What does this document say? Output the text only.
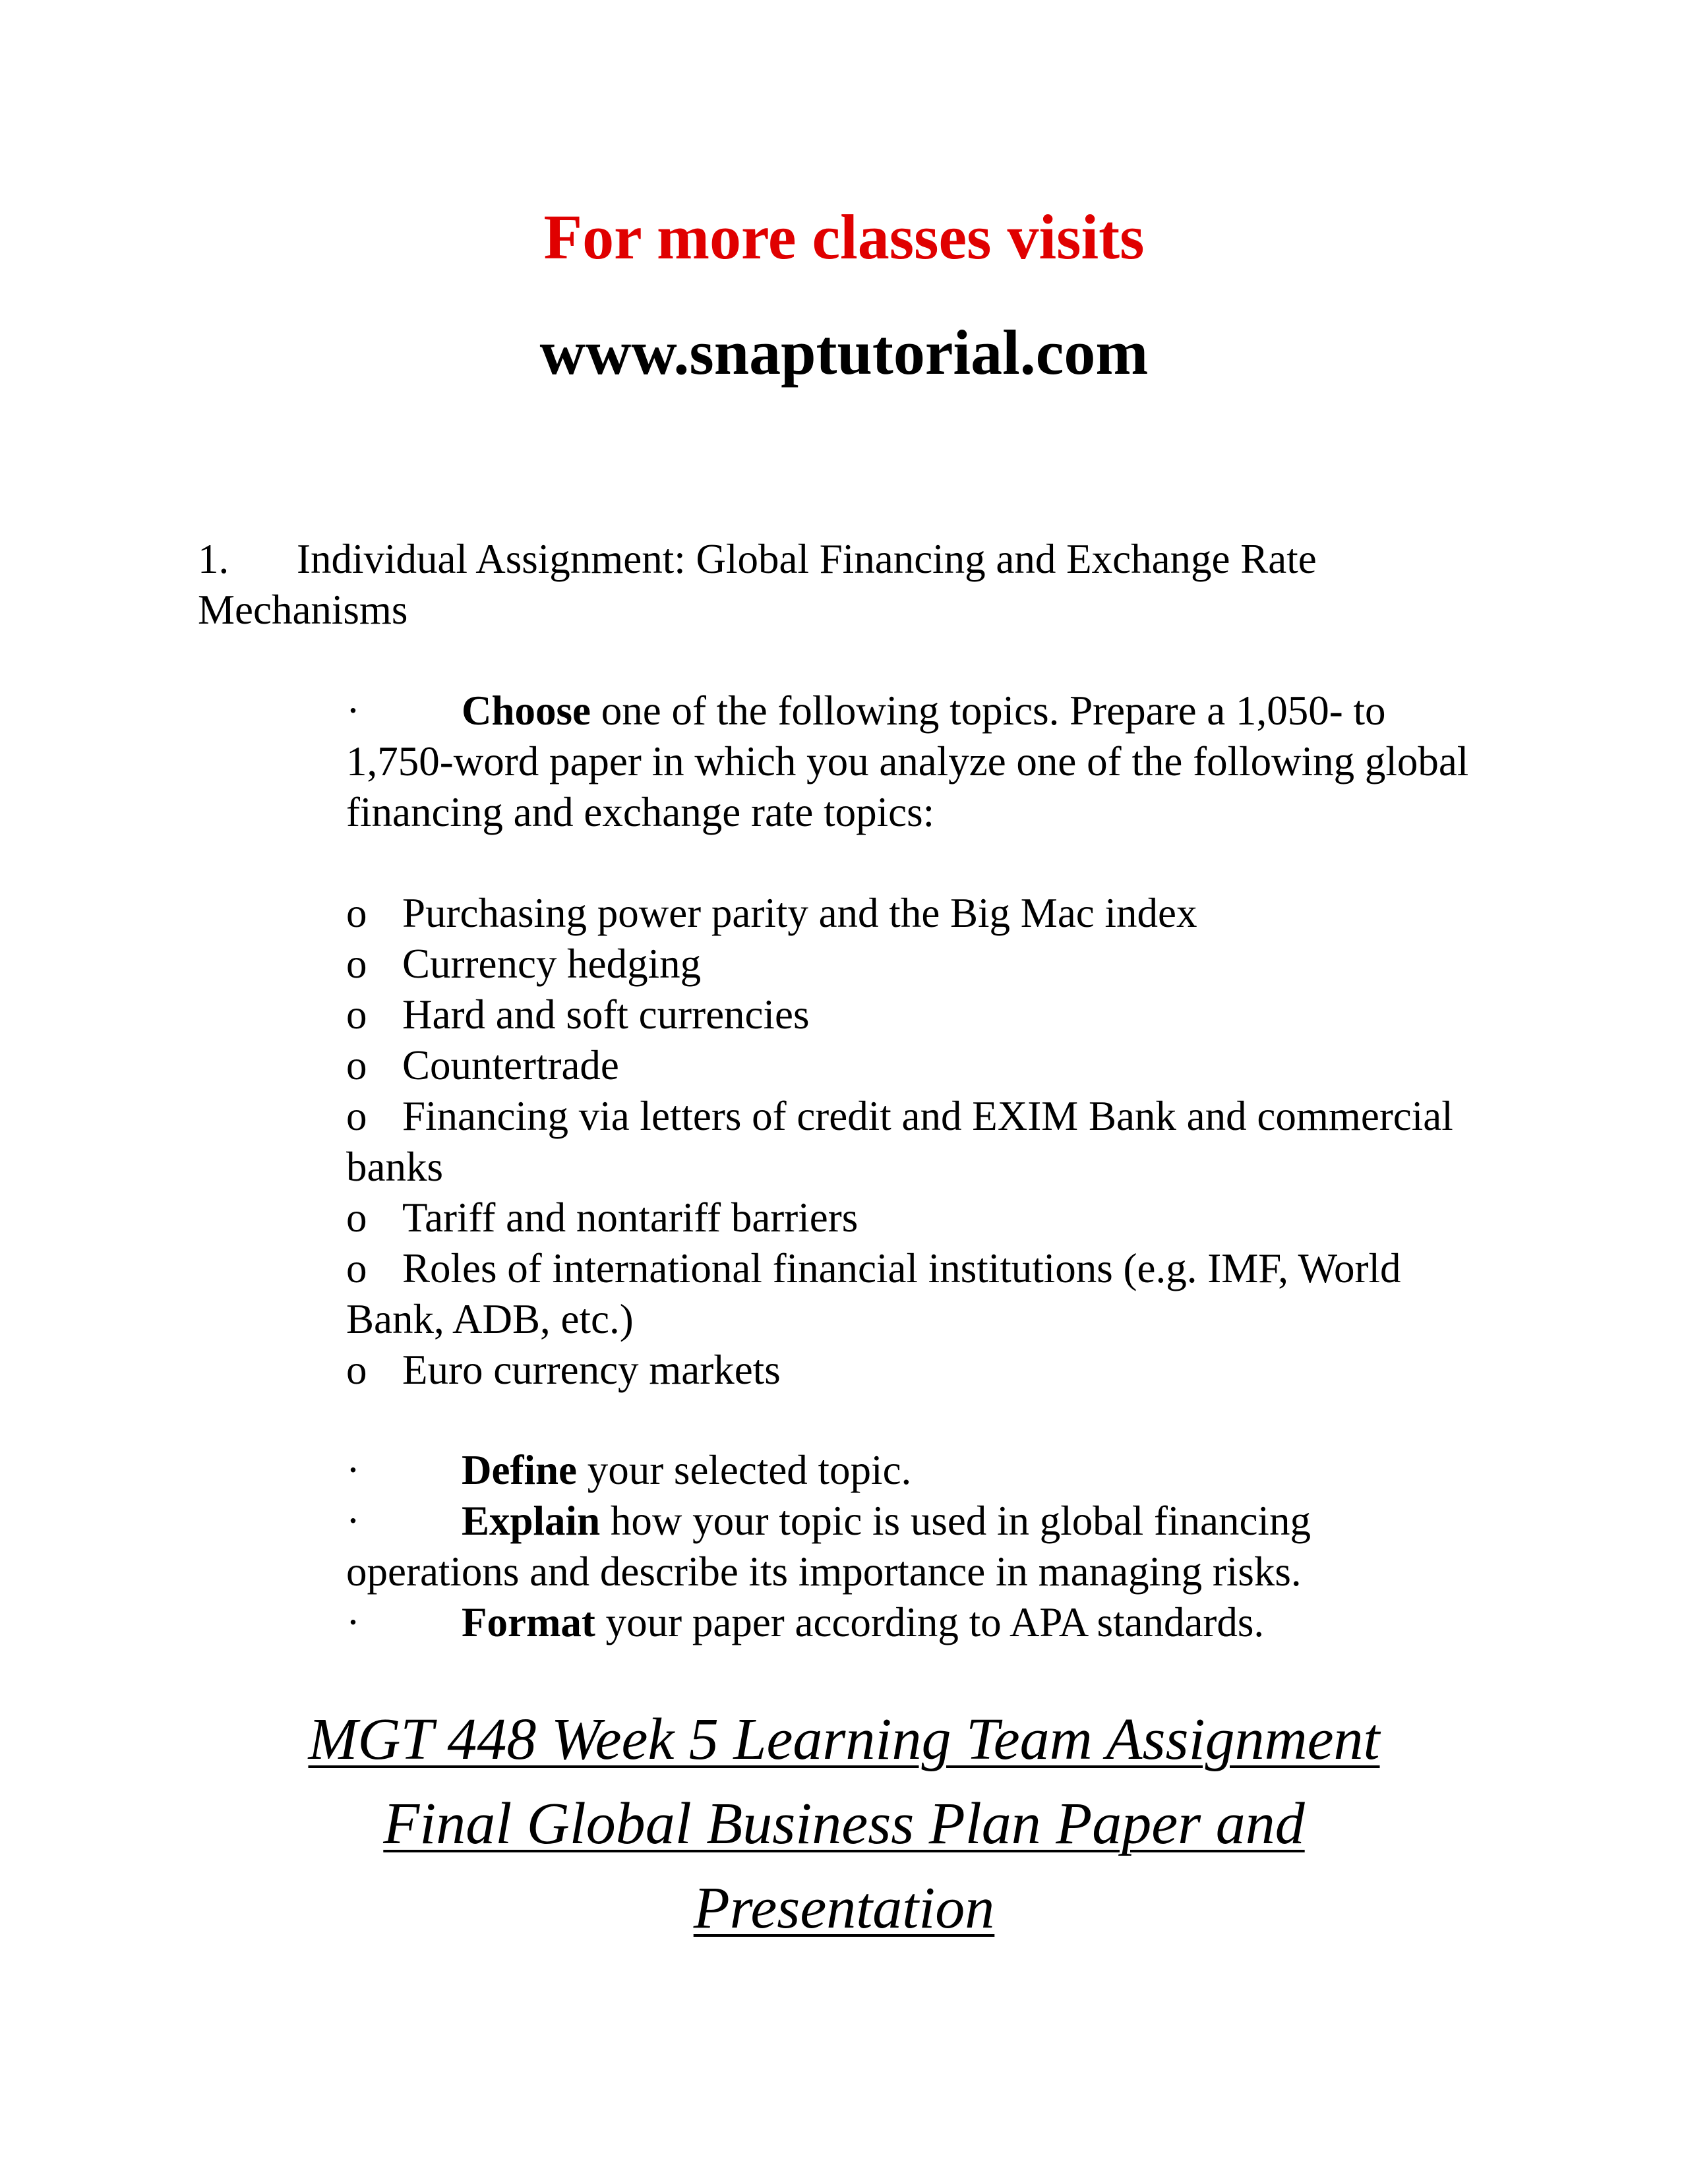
For more classes visits
www.snaptutorial.com
1. Individual Assignment: Global Financing and Exchange Rate
Mechanisms
· Choose one of the following topics. Prepare a 1,050- to 1,750-word paper in which you analyze one of the following global financing and exchange rate topics:
o Purchasing power parity and the Big Mac index
o Currency hedging
o Hard and soft currencies
o Countertrade
o Financing via letters of credit and EXIM Bank and commercial banks
o Tariff and nontariff barriers
o Roles of international financial institutions (e.g. IMF, World Bank, ADB, etc.)
o Euro currency markets
· Define your selected topic.
· Explain how your topic is used in global financing operations and describe its importance in managing risks.
· Format your paper according to APA standards.
MGT 448 Week 5 Learning Team Assignment
Final Global Business Plan Paper and
Presentation
